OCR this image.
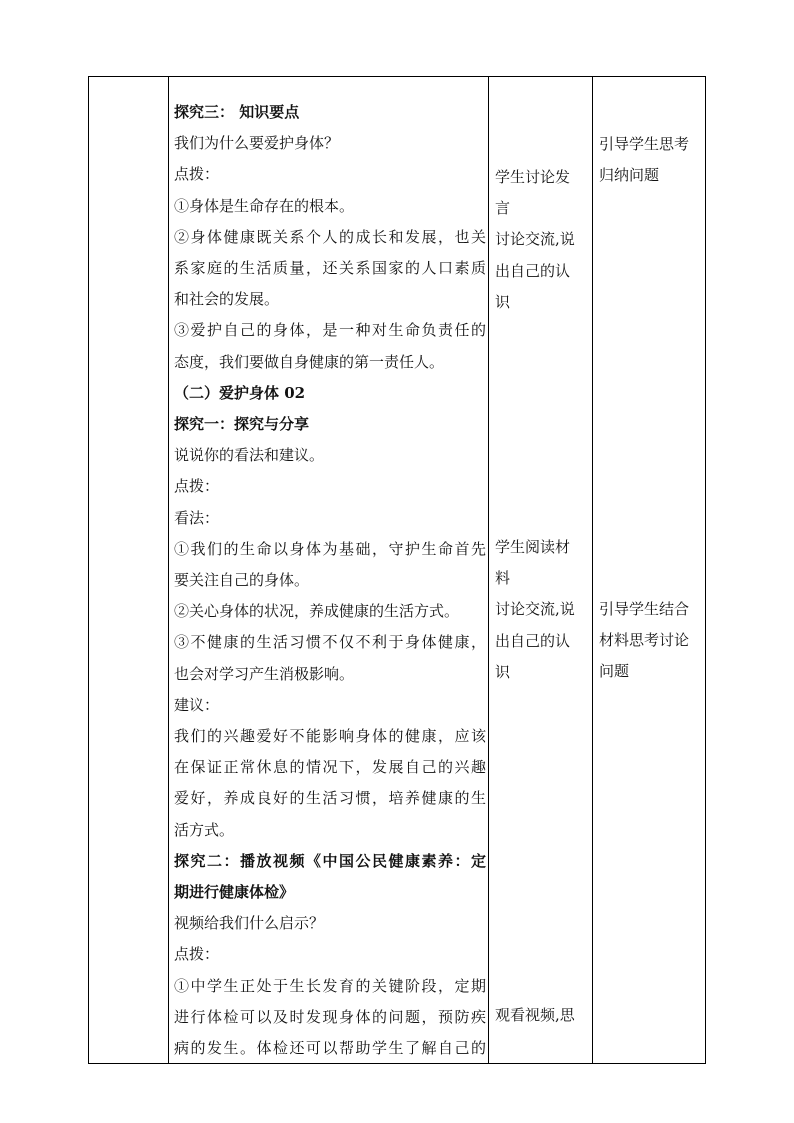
探究三： 知识要点
我们为什么要爱护身体？
点拨：
①身体是生命存在的根本。
②身体健康既关系个人的成长和发展，也关
系家庭的生活质量，还关系国家的人口素质
和社会的发展。
③爱护自己的身体，是一种对生命负责任的
态度，我们要做自身健康的第一责任人。
（二）爱护身体 02
探究一：探究与分享
说说你的看法和建议。
点拨：
看法：
①我们的生命以身体为基础，守护生命首先
要关注自己的身体。
②关心身体的状况，养成健康的生活方式。
③不健康的生活习惯不仅不利于身体健康，
也会对学习产生消极影响。
建议：
我们的兴趣爱好不能影响身体的健康，应该
在保证正常休息的情况下，发展自己的兴趣
爱好，养成良好的生活习惯，培养健康的生
活方式。
探究二：播放视频《中国公民健康素养：定
期进行健康体检》
视频给我们什么启示？
点拨：
①中学生正处于生长发育的关键阶段，定期
进行体检可以及时发现身体的问题，预防疾
病的发生。体检还可以帮助学生了解自己的
学生讨论发
言
讨论交流,说
出自己的认
识
学生阅读材
料
讨论交流,说
出自己的认
识
观看视频,思
引导学生思考
归纳问题
引导学生结合
材料思考讨论
问题
